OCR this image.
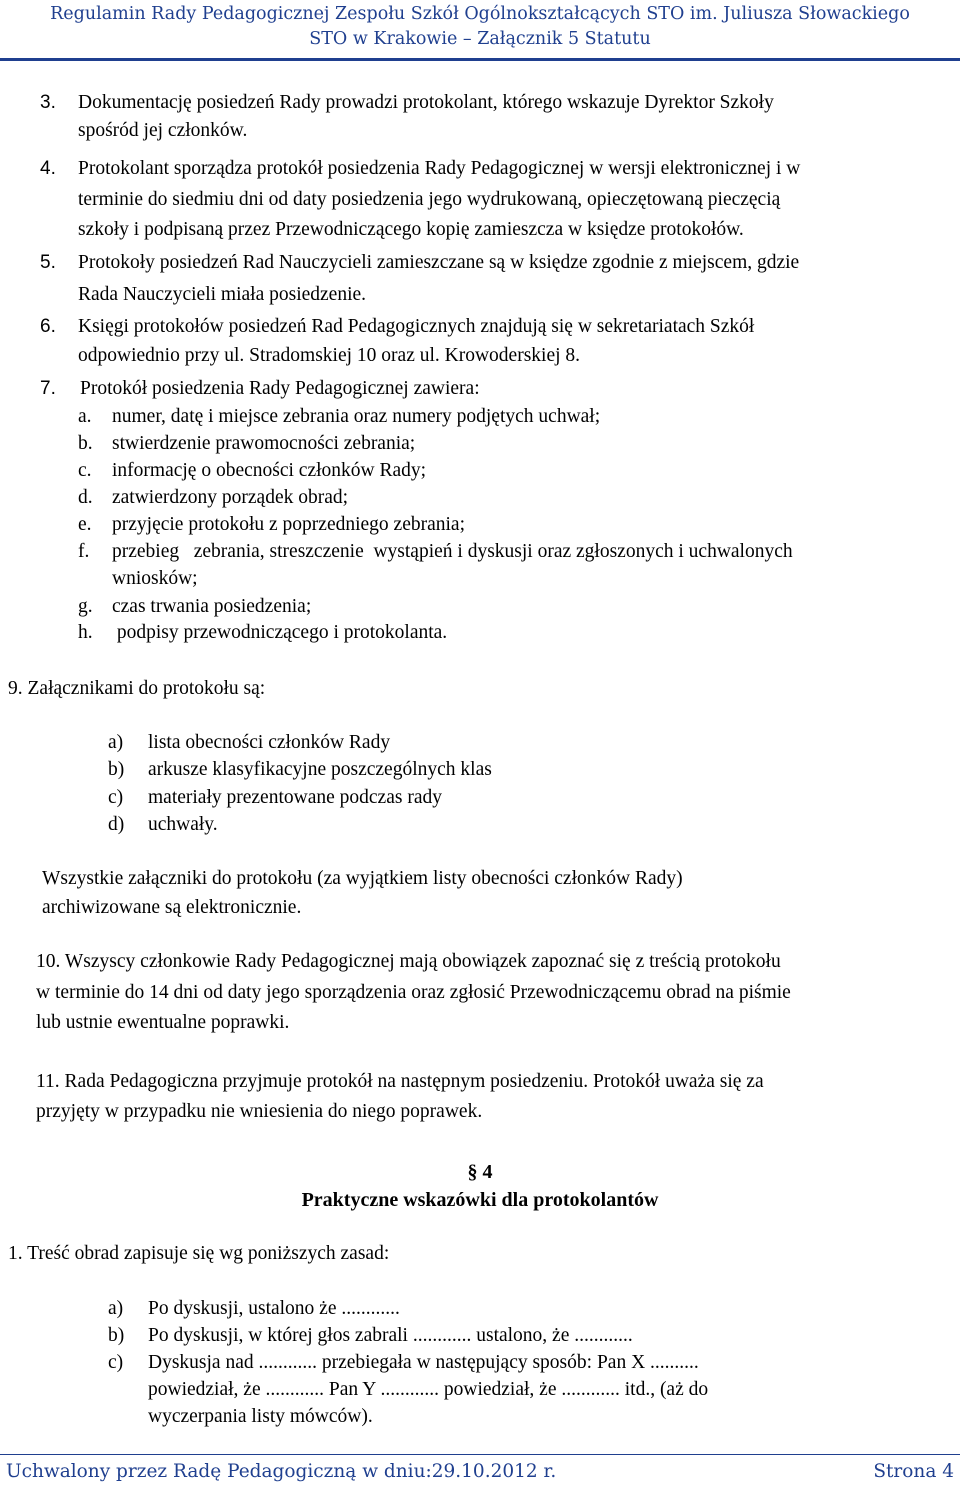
Regulamin Rady Pedagogicznej Zespołu Szkół Ogólnokształcących STO im. Juliusza Słowackiego
STO w Krakowie – Załącznik 5 Statutu
3. Dokumentację posiedzeń Rady prowadzi protokolant, którego wskazuje Dyrektor Szkoły
spośród jej członków.
4. Protokolant sporządza protokół posiedzenia Rady Pedagogicznej w wersji elektronicznej i w
terminie do siedmiu dni od daty posiedzenia jego wydrukowaną, opieczętowaną pieczęcią
szkoły i podpisaną przez Przewodniczącego kopię zamieszcza w księdze protokołów.
5. Protokoły posiedzeń Rad Nauczycieli zamieszczane są w księdze zgodnie z miejscem, gdzie
Rada Nauczycieli miała posiedzenie.
6. Księgi protokołów posiedzeń Rad Pedagogicznych znajdują się w sekretariatach Szkół
odpowiednio przy ul. Stradomskiej 10 oraz ul. Krowoderskiej 8.
7. Protokół posiedzenia Rady Pedagogicznej zawiera:
a. numer, datę i miejsce zebrania oraz numery podjętych uchwał;
b. stwierdzenie prawomocności zebrania;
c. informację o obecności członków Rady;
d. zatwierdzony porządek obrad;
e. przyjęcie protokołu z poprzedniego zebrania;
f. przebieg   zebrania, streszczenie  wystąpień i dyskusji oraz zgłoszonych i uchwalonych
wniosków;
g. czas trwania posiedzenia;
h. podpisy przewodniczącego i protokolanta.
9. Załącznikami do protokołu są:
a) lista obecności członków Rady
b) arkusze klasyfikacyjne poszczególnych klas
c) materiały prezentowane podczas rady
d) uchwały.
Wszystkie załączniki do protokołu (za wyjątkiem listy obecności członków Rady)
archiwizowane są elektronicznie.
10. Wszyscy członkowie Rady Pedagogicznej mają obowiązek zapoznać się z treścią protokołu
w terminie do 14 dni od daty jego sporządzenia oraz zgłosić Przewodniczącemu obrad na piśmie
lub ustnie ewentualne poprawki.
11. Rada Pedagogiczna przyjmuje protokół na następnym posiedzeniu. Protokół uważa się za
przyjęty w przypadku nie wniesienia do niego poprawek.
§ 4
Praktyczne wskazówki dla protokolantów
1. Treść obrad zapisuje się wg poniższych zasad:
a) Po dyskusji, ustalono że ............
b) Po dyskusji, w której głos zabrali ............ ustalono, że ............
c) Dyskusja nad ............ przebiegała w następujący sposób: Pan X ..........
powiedział, że ............ Pan Y ............ powiedział, że ............ itd., (aż do
wyczerpania listy mówców).
Uchwalony przez Radę Pedagogiczną w dniu:29.10.2012 r.	Strona 4
